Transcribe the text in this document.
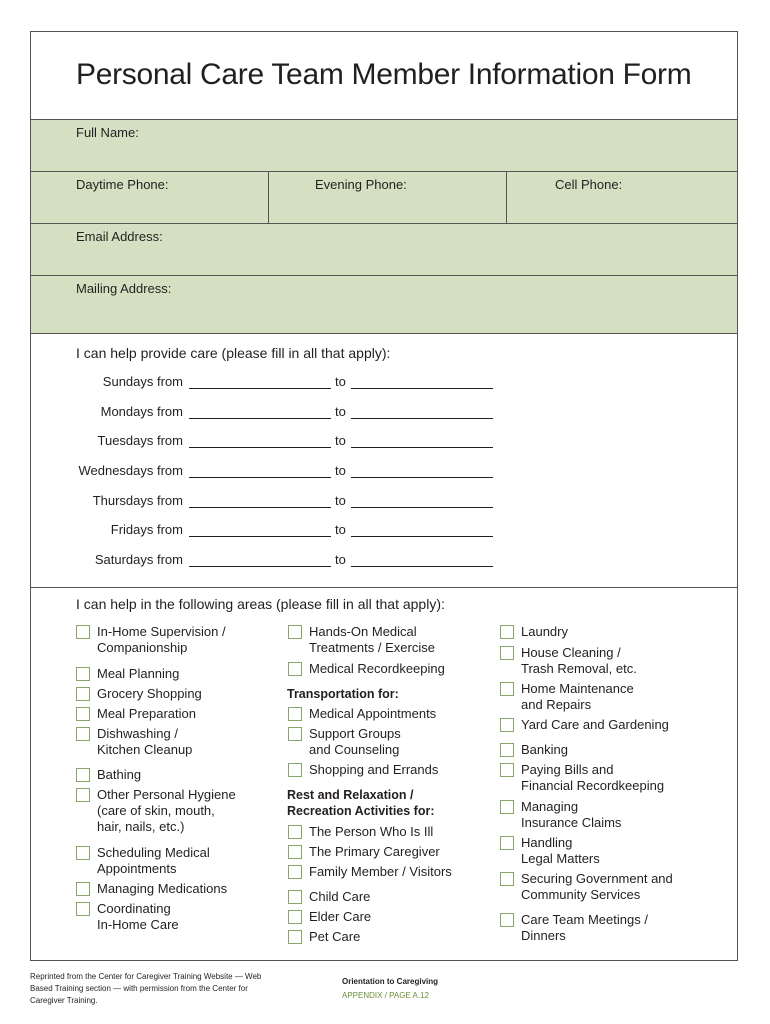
Personal Care Team Member Information Form
Full Name:
Daytime Phone:	Evening Phone:	Cell Phone:
Email Address:
Mailing Address:
I can help provide care (please fill in all that apply):
Sundays from	to
Mondays from	to
Tuesdays from	to
Wednesdays from	to
Thursdays from	to
Fridays from	to
Saturdays from	to
I can help in the following areas (please fill in all that apply):
In-Home Supervision /
Companionship
Meal Planning
Grocery Shopping
Meal Preparation
Dishwashing /
Kitchen Cleanup
Bathing
Other Personal Hygiene
(care of skin, mouth,
hair, nails, etc.)
Scheduling Medical
Appointments
Managing Medications
Coordinating
In-Home Care
Hands-On Medical
Treatments / Exercise
Medical Recordkeeping
Transportation for:
Medical Appointments
Support Groups
and Counseling
Shopping and Errands
Rest and Relaxation /
Recreation Activities for:
The Person Who Is Ill
The Primary Caregiver
Family Member / Visitors
Child Care
Elder Care
Pet Care
Laundry
House Cleaning /
Trash Removal, etc.
Home Maintenance
and Repairs
Yard Care and Gardening
Banking
Paying Bills and
Financial Recordkeeping
Managing
Insurance Claims
Handling
Legal Matters
Securing Government and
Community Services
Care Team Meetings /
Dinners
Reprinted from the Center for Caregiver Training Website — Web Based Training section — with permission from the Center for Caregiver Training.
Orientation to Caregiving
APPENDIX / PAGE A.12
